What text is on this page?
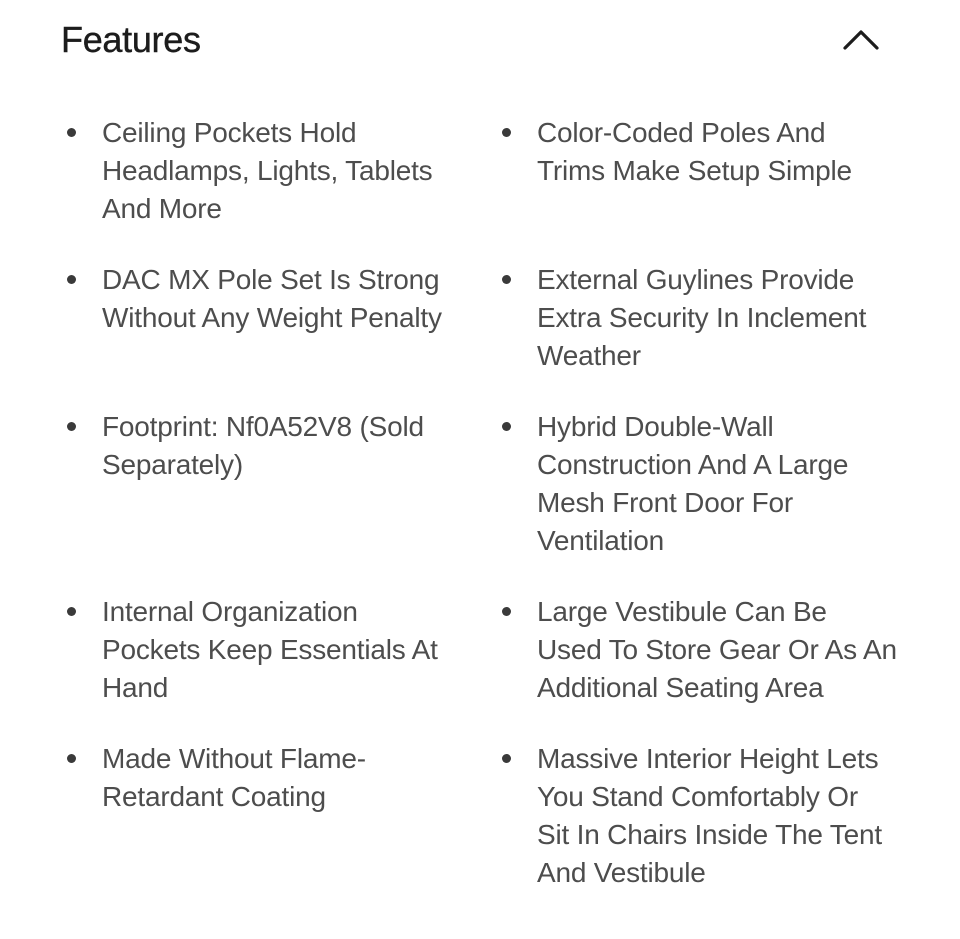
Features
Ceiling Pockets Hold Headlamps, Lights, Tablets And More
Color-Coded Poles And Trims Make Setup Simple
DAC MX Pole Set Is Strong Without Any Weight Penalty
External Guylines Provide Extra Security In Inclement Weather
Footprint: Nf0A52V8 (Sold Separately)
Hybrid Double-Wall Construction And A Large Mesh Front Door For Ventilation
Internal Organization Pockets Keep Essentials At Hand
Large Vestibule Can Be Used To Store Gear Or As An Additional Seating Area
Made Without Flame-Retardant Coating
Massive Interior Height Lets You Stand Comfortably Or Sit In Chairs Inside The Tent And Vestibule
